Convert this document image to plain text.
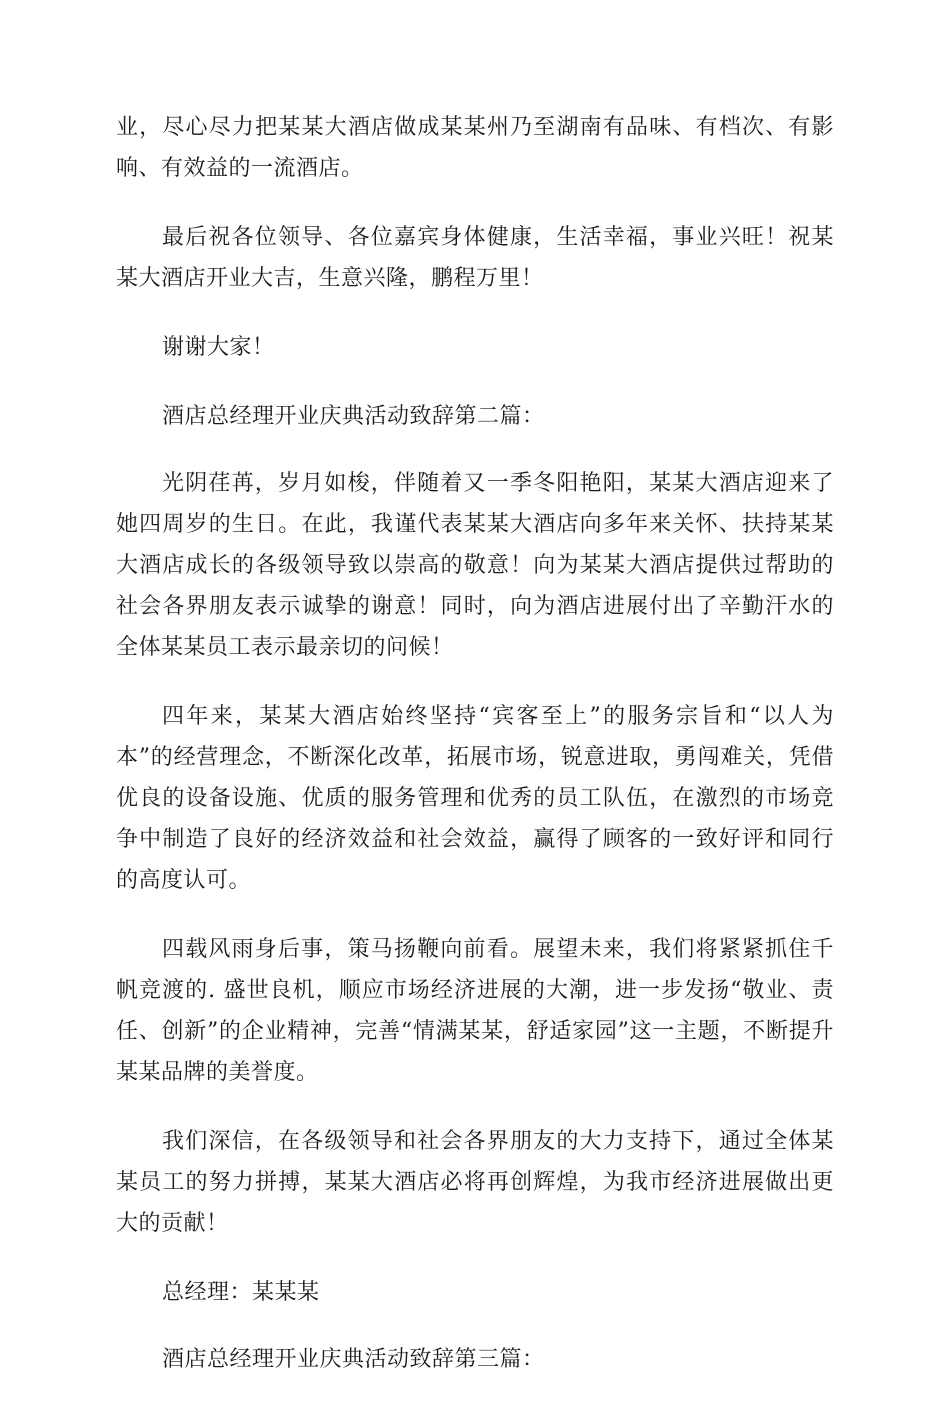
业，尽心尽力把某某大酒店做成某某州乃至湖南有品味、有档次、有影响、有效益的一流酒店。

最后祝各位领导、各位嘉宾身体健康，生活幸福，事业兴旺！祝某某大酒店开业大吉，生意兴隆，鹏程万里！

谢谢大家！

酒店总经理开业庆典活动致辞第二篇：

光阴荏苒，岁月如梭，伴随着又一季冬阳艳阳，某某大酒店迎来了她四周岁的生日。在此，我谨代表某某大酒店向多年来关怀、扶持某某大酒店成长的各级领导致以崇高的敬意！向为某某大酒店提供过帮助的社会各界朋友表示诚挚的谢意！同时，向为酒店进展付出了辛勤汗水的全体某某员工表示最亲切的问候！

四年来，某某大酒店始终坚持“宾客至上”的服务宗旨和“以人为本”的经营理念，不断深化改革，拓展市场，锐意进取，勇闯难关，凭借优良的设备设施、优质的服务管理和优秀的员工队伍，在激烈的市场竞争中制造了良好的经济效益和社会效益，赢得了顾客的一致好评和同行的高度认可。

四载风雨身后事，策马扬鞭向前看。展望未来，我们将紧紧抓住千帆竞渡的. 盛世良机，顺应市场经济进展的大潮，进一步发扬“敬业、责任、创新”的企业精神，完善“情满某某，舒适家园”这一主题，不断提升某某品牌的美誉度。

我们深信，在各级领导和社会各界朋友的大力支持下，通过全体某某员工的努力拼搏，某某大酒店必将再创辉煌，为我市经济进展做出更大的贡献！

总经理：某某某

酒店总经理开业庆典活动致辞第三篇：
